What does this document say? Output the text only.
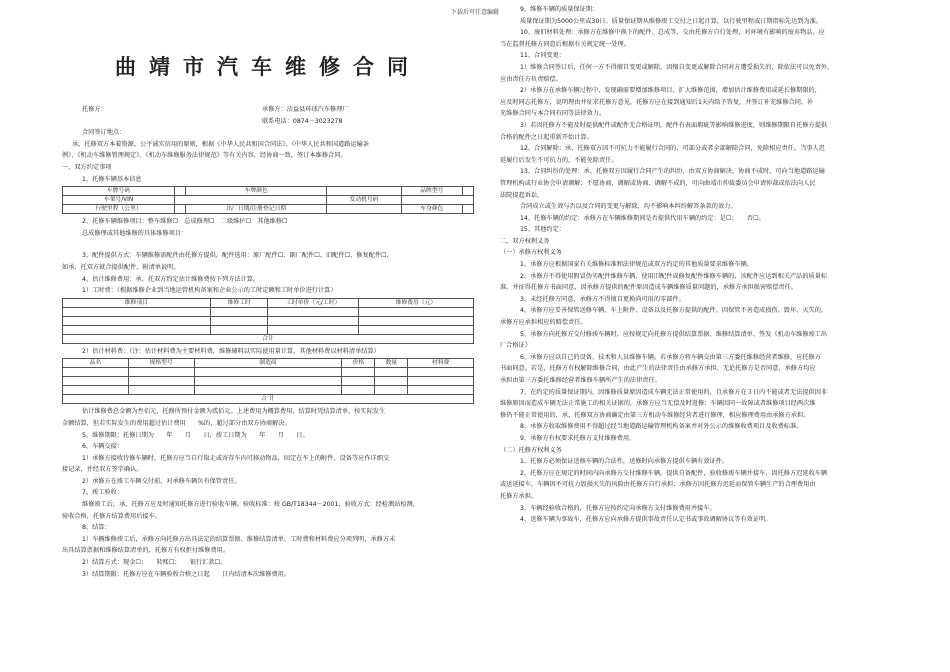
下载后可任意编辑
曲靖市汽车维修合同
托修方：	承修方：沾益县环球汽车修理厂
联系电话：0874－3023278

合同签订地点：

承、托修双方本着资源、公平诚实信用的原则，根据《中华人民共和国合同法》、《中华人民共和国道路运输条

例》、《机动车维修管理规定》、《机动车维修服务法律规范》等有关内容，经协商一致，签订本维修合同。

一、双方约定事项

1、托修车辆基本信息

车牌号码		车牌颜色		品牌型号	
车架号/VIN			发动机号码		
行驶里程（公里）		出厂日期/注册登记日期		车身颜色	

2、托修车辆维修项目：整车维修☐　总成修理☐　二级维护☐　其他维修☐

总成修理或其他维修的具体维修项目：

3、配件提供方式：车辆维修需配件由托修方提供，配件选用：原厂配件☐、副厂配件☐、旧配件☐、修复配件☐、

如承、托双方就合提供配件，附清单说明。

4、估计维修费用：承、托双方约定估计维修费按下列方法计算。

1）工时费：（根据维修企业到当地运管机构备案和企业公示的工时定额和工时单价进行计算）

维修项目	维修工时	工时单价（元/工时）	维修费用（元）

合计			

2）估计材料费：（注：估计材料费为主要材料费，维修辅料以实际使用量计算，其他材料费以材料清单结算）

品名	规格型号	制造商	价格	数量	材料费

合 计					

估计维修费总金额为叁佰元，托修所预付金额为贰佰元。上述费用为概算费用，结算时凭结算清单，按实际发生

金额结算，但若实际发生的费用超过估计费用　　%的，超过部分由双方协商解决。

5、维修期限：托修日期为　　年　　月　　日，竣工日期为　　年　　月　　日。

6、车辆交接：

1）承修方接收待修车辆时，托修方应当自行取走或寄存车内可移动物品，固定在车上的附件、设备等应作详细交

接记录，并经双方签字确认。

2）承修方在竣工车辆交付前，对承修车辆负有保管责任。

7、竣工验收：

维修竣工后，承、托修方应及时通知托修方进行验收车辆。验收标准：按 GB/T18344－2001，验收方式：经检测站检测，

验收合格，托修方结算费用后接车。

8、结算：

1）车辆维修竣工后，承修方向托修方出具法定的结算票据、维修结算清单、工时费和材料费应分项列明，承修方未

出具结算票据和维修结算清单的，托修方有权拒付维修费用。

2）结算方式：现金☐；　　转账☐；　　银行汇款☐。

3）结算期限：托修方应在车辆验收合格之日起　　日内结清本次维修费用。

9、维修车辆的质量保证期：

质量保证期为5000公里或30日。质量保证期从维修竣工交付之日起计算，以行驶里程或日期指标先达到为准。

10、废旧材料处理：承修方在维修中换下的配件、总成等，交由托修方自行处理，对环境有影响的废弃物品，应

当在监督托修方同意后根据有关规定统一处理。

11、合同变更：

1）维修合同签订后，任何一方不得擅自变更或解除，因擅自变更或解除合同对方遭受损失的，除依法可以免责外，

应由责任方负责赔偿。

2）承修方在承修车辆过程中，发现确需要增加维修项目、扩大维修范围，增加估计维修费用或延长修期限的，

应及时同志托修方，说明理由并征求托修方意见，托修方应在接到通知后1天内给予答复，并签订补充维修合同，补

充维修合同与本合同有同等法律效力。

3）若因托修方不能及时提供配件或配件无合格证明，配件有表面瑕疵等影响维修进度，则维修期限自托修方提供

合格的配件之日起重新开始计算。

12、合同解除：承、托修双方因不可抗力不能履行合同的，可部分或者全部解除合同，免除相应责任。当事人迟

延履行后发生不可抗力的，不能免除责任。

13、合同纠纷的处理：承、托修双方因履行合同产生的纠纷，由双方协商解决，协商不成时，可向当地道路运输

管理机构或行业协会申请调解；不愿协商、调解或协商、调解不成的，可向曲靖市仲裁委员会申请仲裁或依法向人民

法院提起诉讼。

合同成立或生效与否以及合同的变更与解除，均不影响本纠纷解答条款的效力。

14、托修车辆的约定：承修方在车辆维修期间是否提供代用车辆的约定：是☐；　　否☐。

15、其他约定：

二、双方权利义务

（一）承修方权利义务

1、承修方应根据国家有关维修标准和法律规范或双方约定的其他质量要求维修车辆。

2、承修方不得使用假冒伪劣配件维修车辆，使用旧配件或修复配件维修车辆的，该配件应达到相关产品的质量标

准，并征得托修方书面同意，因承修方提供的配件原因造成车辆维修质量问题的，承修方承担损害赔偿责任。

3、未经托修方同意，承修方不得擅自更换尚可用的零部件。

4、承修方应妥善保管送修车辆、车上附件、设备以及托修方提供的配件。因保管不善造成损伤、毁坏、灭失的，

承修方应承担相应的赔偿责任。

5、承修方向托修方交付修竣车辆时，应按规定向托修方提供结算票据、维修结算清单、签发《机动车维修竣工出

厂合格证》

6、承修方应以自己的设备、技术和人员维修车辆。若承修方将车辆交由第三方委托维修经营者维修，应托修方

书面同意。若是，托修方有权解除维修合同，由此产生的法律责任由承修方承担。无论托修方是否同意，承修方均应

承担由第三方委托维修经营者维修车辆所产生的法律责任。

7、在约定的质量保证期内，因维修质量原因造成车辆无法正常使用的，且承修方在３日内不能或者无法提供因非

维修原因而造成车辆无法正常施工的相关证据的，承修方应当无偿及时返修；车辆因同一故障或者维修项目经两次维

修仍不能正常使用的，承、托修双方协商确定由第三方机动车维修经营者进行修理，相应修理费用由承修方承担。

8、承修方收取维修费用不得超过经当地道路运输管理机构备案并对外公示的维修收费项目及收费标准。

9、承修方有权要求托修方支付维修费用。

（二）托修方权利义务

1、托修方必须保证送修车辆的合法性，送修时向承修方提供车辆有效证件。

2、托修方应在规定的时间内向承修方交付维修车辆，提供自备配件，验收修竣车辆并接车，因托修方迟延收车辆

或送延接车，车辆因不可抗力毁损灭失的风险由托修方自行承担；承修方因托修方迟延而保管车辆生产的合理费用由

托修方承担。

3、车辆经验收合格的，托修方应按约定向承修方支付维修费用并接车。

4、送修车辆为事故车，托修方应向承修方提供事故责任认定书或事故调解协议等有效证明。
